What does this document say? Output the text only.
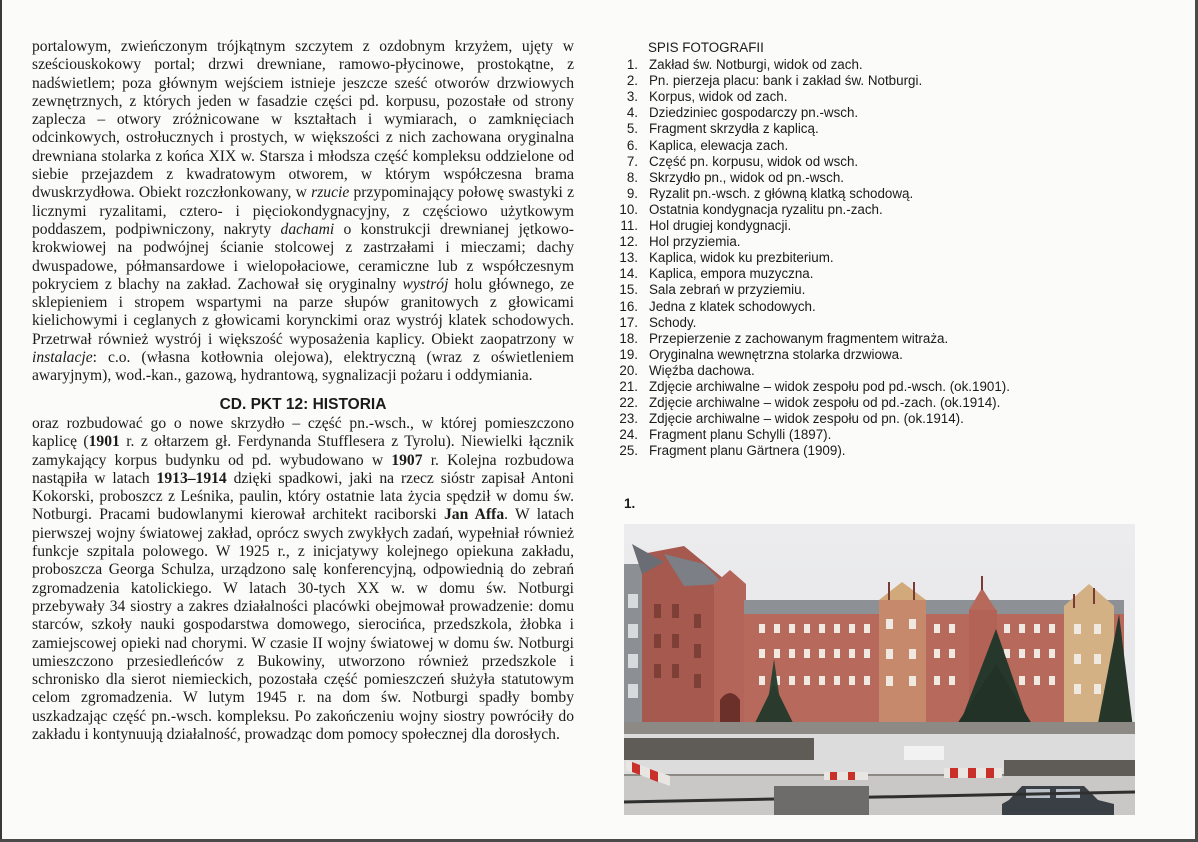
portalowym, zwieńczonym trójkątnym szczytem z ozdobnym krzyżem, ujęty w sześciouskokowy portal; drzwi drewniane, ramowo-płycinowe, prostokątne, z nadświetlem; poza głównym wejściem istnieje jeszcze sześć otworów drzwiowych zewnętrznych, z których jeden w fasadzie części pd. korpusu, pozostałe od strony zaplecza – otwory zróżnicowane w kształtach i wymiarach, o zamknięciach odcinkowych, ostrołucznych i prostych, w większości z nich zachowana oryginalna drewniana stolarka z końca XIX w. Starsza i młodsza część kompleksu oddzielone od siebie przejazdem z kwadratowym otworem, w którym współczesna brama dwuskrzydłowa. Obiekt rozczłonkowany, w rzucie przypominający połowę swastyki z licznymi ryzalitami, cztero- i pięciokondygnacyjny, z częściowo użytkowym poddaszem, podpiwniczony, nakryty dachami o konstrukcji drewnianej jętkowo-krokwiowej na podwójnej ścianie stolcowej z zastrzałami i mieczami; dachy dwuspadowe, półmansardowe i wielopołaciowe, ceramiczne lub z współczesnym pokryciem z blachy na zakład. Zachował się oryginalny wystrój holu głównego, ze sklepieniem i stropem wspartymi na parze słupów granitowych z głowicami kielichowymi i ceglanych z głowicami korynckimi oraz wystrój klatek schodowych. Przetrwał również wystrój i większość wyposażenia kaplicy. Obiekt zaopatrzony w instalacje: c.o. (własna kotłownia olejowa), elektryczną (wraz z oświetleniem awaryjnym), wod.-kan., gazową, hydrantową, sygnalizacji pożaru i oddymiania.

CD. PKT 12: HISTORIA

oraz rozbudować go o nowe skrzydło – część pn.-wsch., w której pomieszczono kaplicę (1901 r. z ołtarzem gł. Ferdynanda Stufflesera z Tyrolu). Niewielki łącznik zamykający korpus budynku od pd. wybudowano w 1907 r. Kolejna rozbudowa nastąpiła w latach 1913–1914 dzięki spadkowi, jaki na rzecz sióstr zapisał Antoni Kokorski, proboszcz z Leśnika, paulin, który ostatnie lata życia spędził w domu św. Notburgi. Pracami budowlanymi kierował architekt raciborski Jan Affa. W latach pierwszej wojny światowej zakład, oprócz swych zwykłych zadań, wypełniał również funkcje szpitala polowego. W 1925 r., z inicjatywy kolejnego opiekuna zakładu, proboszcza Georga Schulza, urządzono salę konferencyjną, odpowiednią do zebrań zgromadzenia katolickiego. W latach 30-tych XX w. w domu św. Notburgi przebywały 34 siostry a zakres działalności placówki obejmował prowadzenie: domu starców, szkoły nauki gospodarstwa domowego, sierocińca, przedszkola, żłobka i zamiejscowej opieki nad chorymi. W czasie II wojny światowej w domu św. Notburgi umieszczono przesiedleńców z Bukowiny, utworzono również przedszkole i schronisko dla sierot niemieckich, pozostała część pomieszczeń służyła statutowym celom zgromadzenia. W lutym 1945 r. na dom św. Notburgi spadły bomby uszkadzając część pn.-wsch. kompleksu. Po zakończeniu wojny siostry powróciły do zakładu i kontynuują działalność, prowadząc dom pomocy społecznej dla dorosłych.

SPIS FOTOGRAFII
1. Zakład św. Notburgi, widok od zach.
2. Pn. pierzeja placu: bank i zakład św. Notburgi.
3. Korpus, widok od zach.
4. Dziedziniec gospodarczy pn.-wsch.
5. Fragment skrzydła z kaplicą.
6. Kaplica, elewacja zach.
7. Część pn. korpusu, widok od wsch.
8. Skrzydło pn., widok od pn.-wsch.
9. Ryzalit pn.-wsch. z główną klatką schodową.
10. Ostatnia kondygnacja ryzalitu pn.-zach.
11. Hol drugiej kondygnacji.
12. Hol przyziemia.
13. Kaplica, widok ku prezbiterium.
14. Kaplica, empora muzyczna.
15. Sala zebrań w przyziemiu.
16. Jedna z klatek schodowych.
17. Schody.
18. Przepierzenie z zachowanym fragmentem witraża.
19. Oryginalna wewnętrzna stolarka drzwiowa.
20. Więźba dachowa.
21. Zdjęcie archiwalne – widok zespołu pod pd.-wsch. (ok.1901).
22. Zdjęcie archiwalne – widok zespołu od pd.-zach. (ok.1914).
23. Zdjęcie archiwalne – widok zespołu od pn. (ok.1914).
24. Fragment planu Schylli (1897).
25. Fragment planu Gärtnera (1909).
1.
